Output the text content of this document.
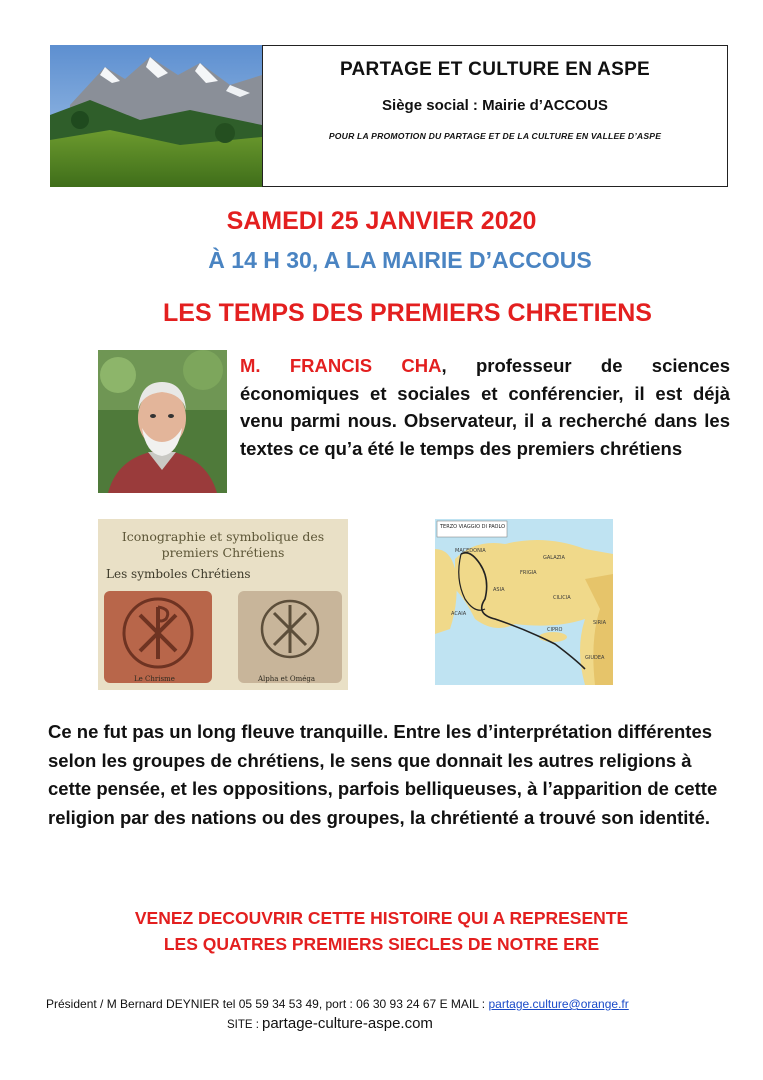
PARTAGE ET CULTURE EN ASPE
Siège social : Mairie d’ACCOUS
POUR LA PROMOTION DU PARTAGE ET DE LA CULTURE EN VALLEE D’ASPE
SAMEDI 25 JANVIER 2020
À 14 H 30, A LA MAIRIE D’ACCOUS
LES TEMPS DES PREMIERS CHRETIENS
M. FRANCIS CHA, professeur de sciences économiques et sociales et conférencier, il est déjà venu parmi nous. Observateur, il a recherché dans les textes ce qu’a été le temps des premiers chrétiens
Iconographie et symbolique des
premiers Chrétiens
Les symboles Chrétiens
Le Chrisme	Alpha et Oméga
TERZO VIAGGIO DI PAOLO
MACEDONIA
GALAZIA
FRIGIA
ASIA
CILICIA
ACAIA
CIPRO
SIRIA
GIUDEA
Ce ne fut pas un long fleuve tranquille. Entre les d’interprétation différentes selon les groupes de chrétiens, le sens que donnait les autres religions à cette pensée, et les oppositions, parfois belliqueuses, à l’apparition de cette religion par des nations ou des groupes, la chrétienté a trouvé son identité.
VENEZ DECOUVRIR CETTE HISTOIRE QUI A REPRESENTE
LES QUATRES PREMIERS SIECLES DE NOTRE ERE
Président / M Bernard DEYNIER tel 05 59 34 53 49, port : 06 30 93 24 67 E MAIL : partage.culture@orange.fr
SITE : partage-culture-aspe.com
